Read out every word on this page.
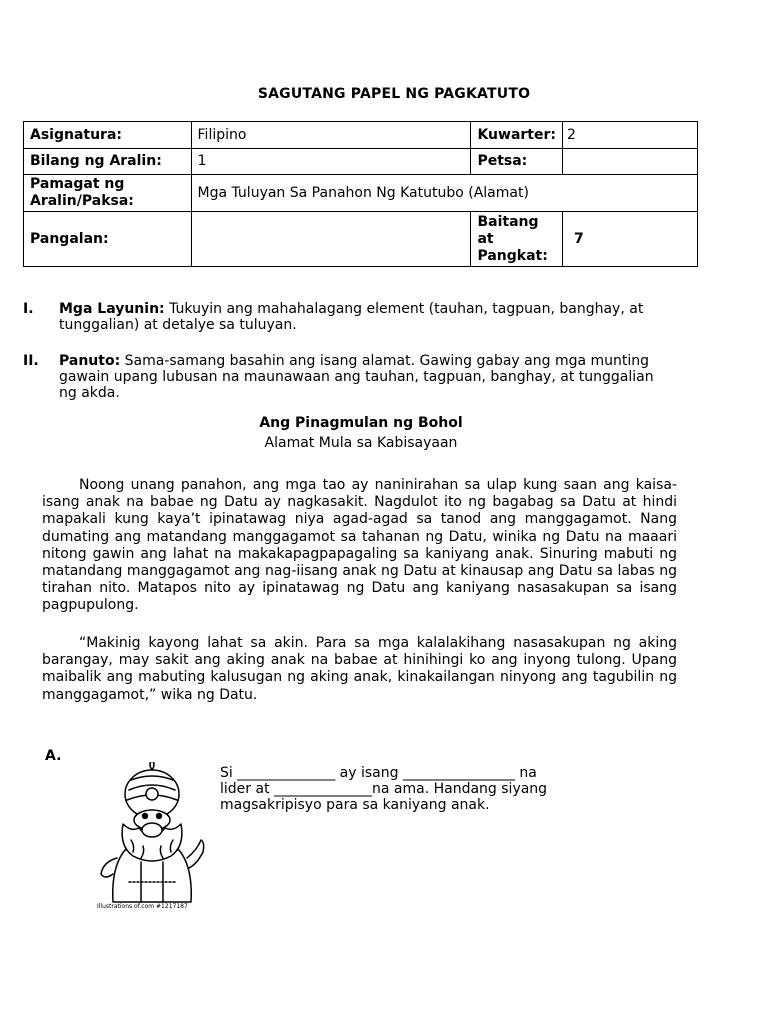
SAGUTANG PAPEL NG PAGKATUTO
Asignatura:	Filipino	Kuwarter:	2
Bilang ng Aralin:	1	Petsa:	
Pamagat ng Aralin/Paksa:	Mga Tuluyan Sa Panahon Ng Katutubo (Alamat)		
Pangalan:		Baitang at Pangkat:	7
I. Mga Layunin: Tukuyin ang mahahalagang element (tauhan, tagpuan, banghay, at tunggalian) at detalye sa tuluyan.
II. Panuto: Sama-samang basahin ang isang alamat. Gawing gabay ang mga munting gawain upang lubusan na maunawaan ang tauhan, tagpuan, banghay, at tunggalian ng akda.
Ang Pinagmulan ng Bohol
Alamat Mula sa Kabisayaan
Noong unang panahon, ang mga tao ay naninirahan sa ulap kung saan ang kaisa-isang anak na babae ng Datu ay nagkasakit. Nagdulot ito ng bagabag sa Datu at hindi mapakali kung kaya’t ipinatawag niya agad-agad sa tanod ang manggagamot. Nang dumating ang matandang manggagamot sa tahanan ng Datu, winika ng Datu na maaari nitong gawin ang lahat na makakapagpapagaling sa kaniyang anak. Sinuring mabuti ng matandang manggagamot ang nag-iisang anak ng Datu at kinausap ang Datu sa labas ng tirahan nito. Matapos nito ay ipinatawag ng Datu ang kaniyang nasasakupan sa isang pagpupulong.
“Makinig kayong lahat sa akin. Para sa mga kalalakihang nasasakupan ng aking barangay, may sakit ang aking anak na babae at hinihingi ko ang inyong tulong. Upang maibalik ang mabuting kalusugan ng aking anak, kinakailangan ninyong ang tagubilin ng manggagamot,” wika ng Datu.
A.
Illustrations of.com #1217187
Si ______________ ay isang ________________ na lider at ______________na ama. Handang siyang magsakripisyo para sa kaniyang anak.
